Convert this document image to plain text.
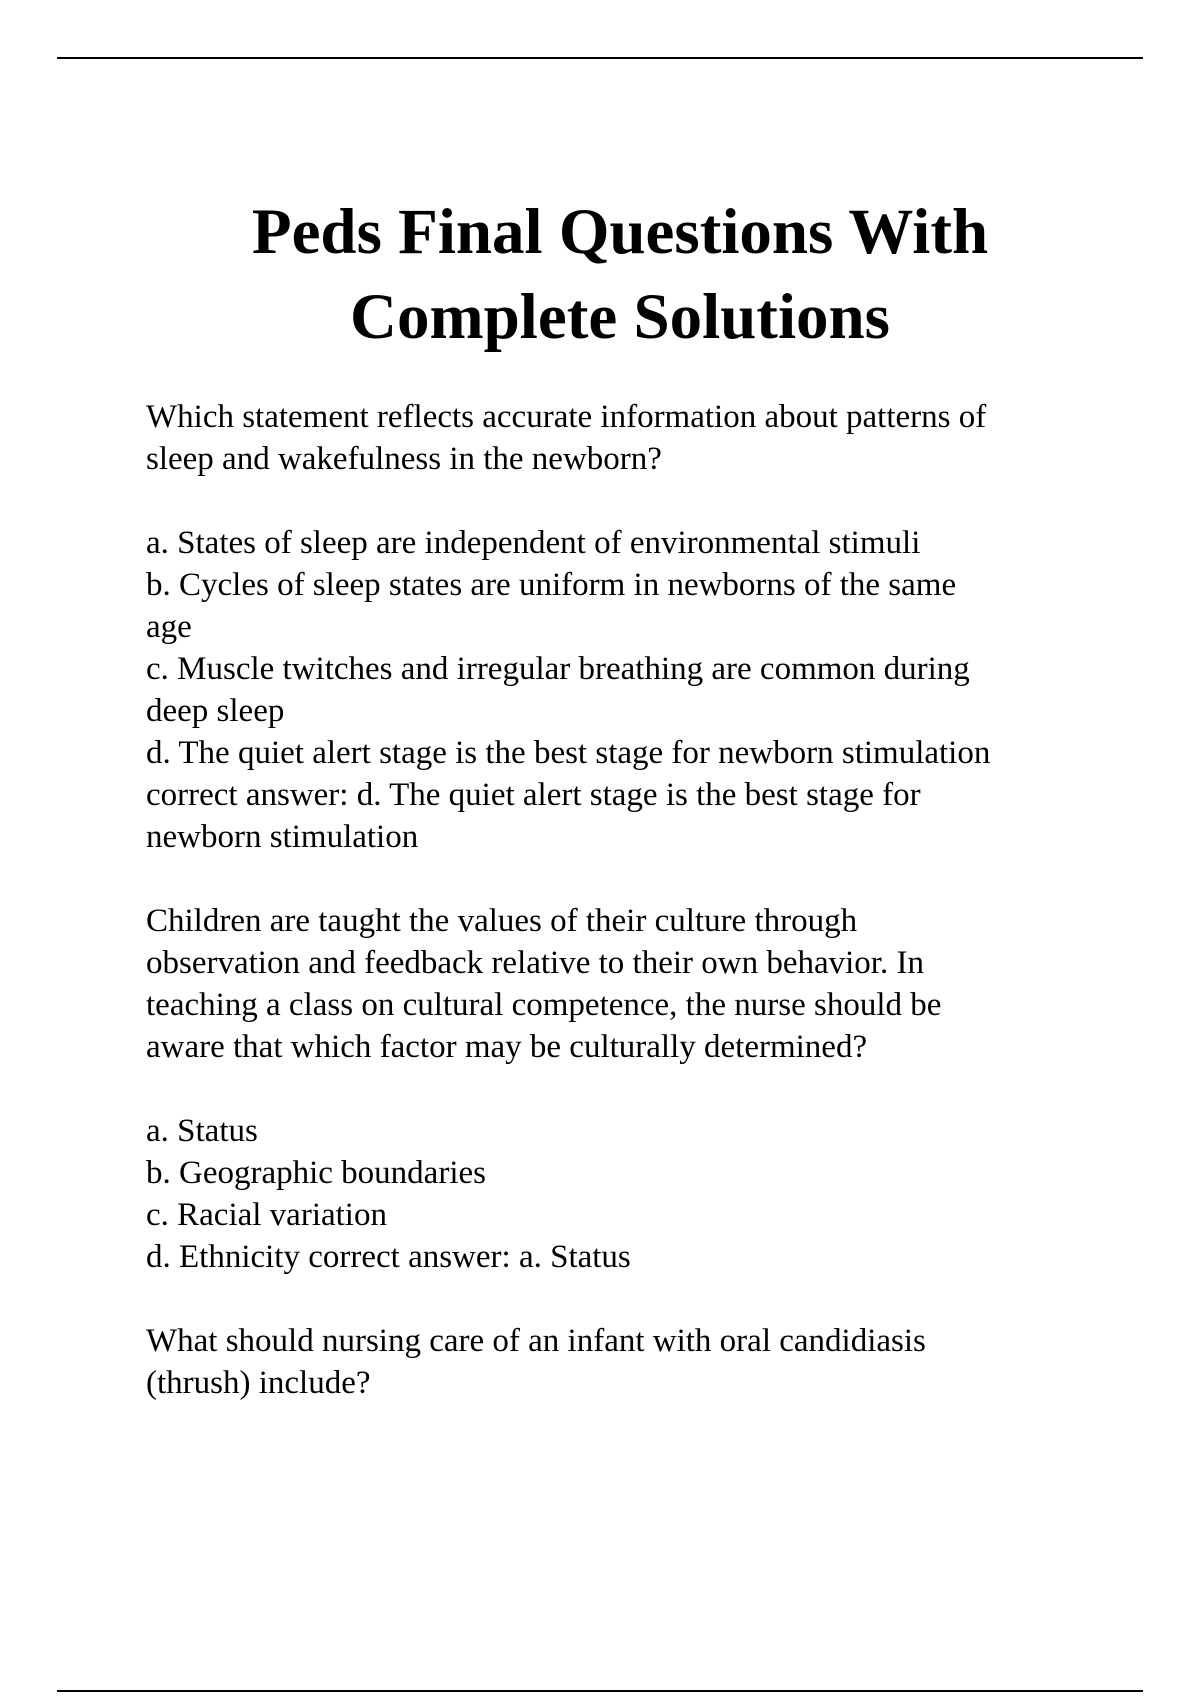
Peds Final Questions With
Complete Solutions
Which statement reflects accurate information about patterns of
sleep and wakefulness in the newborn?
a. States of sleep are independent of environmental stimuli
b. Cycles of sleep states are uniform in newborns of the same
age
c. Muscle twitches and irregular breathing are common during
deep sleep
d. The quiet alert stage is the best stage for newborn stimulation
correct answer: d. The quiet alert stage is the best stage for
newborn stimulation
Children are taught the values of their culture through
observation and feedback relative to their own behavior. In
teaching a class on cultural competence, the nurse should be
aware that which factor may be culturally determined?
a. Status
b. Geographic boundaries
c. Racial variation
d. Ethnicity correct answer: a. Status
What should nursing care of an infant with oral candidiasis
(thrush) include?
